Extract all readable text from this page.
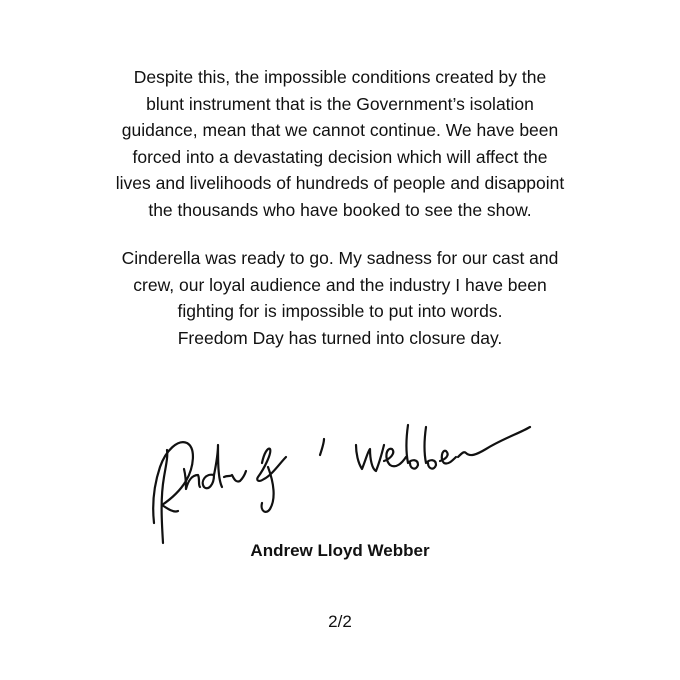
Despite this, the impossible conditions created by the
blunt instrument that is the Government’s isolation
guidance, mean that we cannot continue. We have been
forced into a devastating decision which will affect the
lives and livelihoods of hundreds of people and disappoint
the thousands who have booked to see the show.

Cinderella was ready to go. My sadness for our cast and
crew, our loyal audience and the industry I have been
fighting for is impossible to put into words.
Freedom Day has turned into closure day.

Andrew Lloyd Webber
2/2
